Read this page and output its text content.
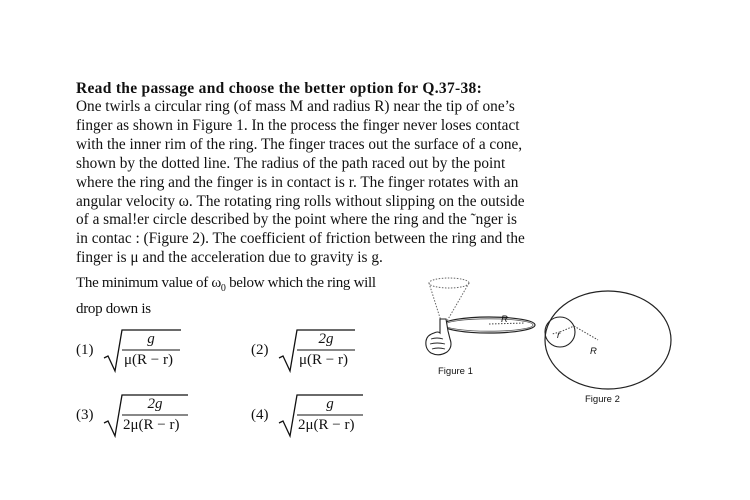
Read the passage and choose the better option for Q.37-38:
One twirls a circular ring (of mass M and radius R) near the tip of one’s
finger as shown in Figure 1. In the process the finger never loses contact
with the inner rim of the ring. The finger traces out the surface of a cone,
shown by the dotted line. The radius of the path raced out by the point
where the ring and the finger is in contact is r. The finger rotates with an
angular velocity ω. The rotating ring rolls without slipping on the outside
of a smal!er circle described by the point where the ring and the ˜nger is
in contac : (Figure 2). The coefficient of friction between the ring and the
finger is μ and the acceleration due to gravity is g.
The minimum value of $\omega_0$ below which the ring will
drop down is
(1)
g
μ(R − r)
(2)
2g
μ(R − r)
(3)
2g
2μ(R − r)
(4)
g
2μ(R − r)
R
Figure 1
r
R
Figure 2
